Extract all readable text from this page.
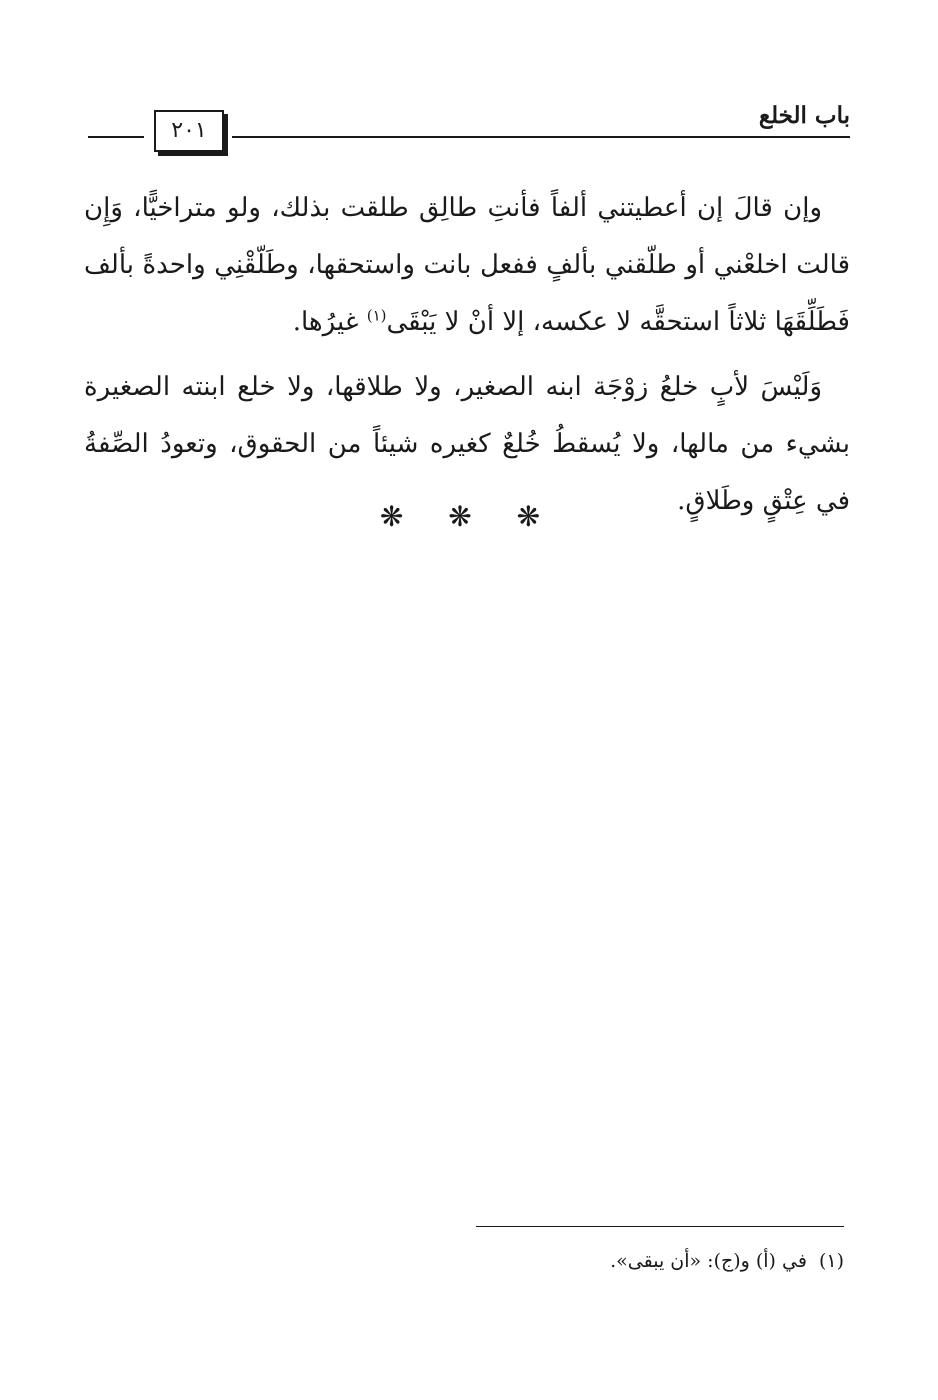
باب الخلع
٢٠١

وإن قالَ إن أعطيتني ألفاً فأنتِ طالِق طلقت بذلك، ولو متراخيًّا، وَإِن قالت اخلعْني أو طلّقني بألفٍ ففعل بانت واستحقها، وطَلّقْنِي واحدةً بألف فَطَلِّقَهَا ثلاثاً استحقَّه لا عكسه، إلا أنْ لا يَبْقَى$^{(١)}$ غيرُها.

وَلَيْسَ لأبٍ خلعُ زوْجَة ابنه الصغير، ولا طلاقها، ولا خلع ابنته الصغيرة بشيء من مالها، ولا يُسقطُ خُلعٌ كغيره شيئاً من الحقوق، وتعودُ الصِّفةُ في عِتْقٍ وطَلاقٍ.

❋ ❋ ❋
(١)في (أ) و(ج): «أن يبقى».
